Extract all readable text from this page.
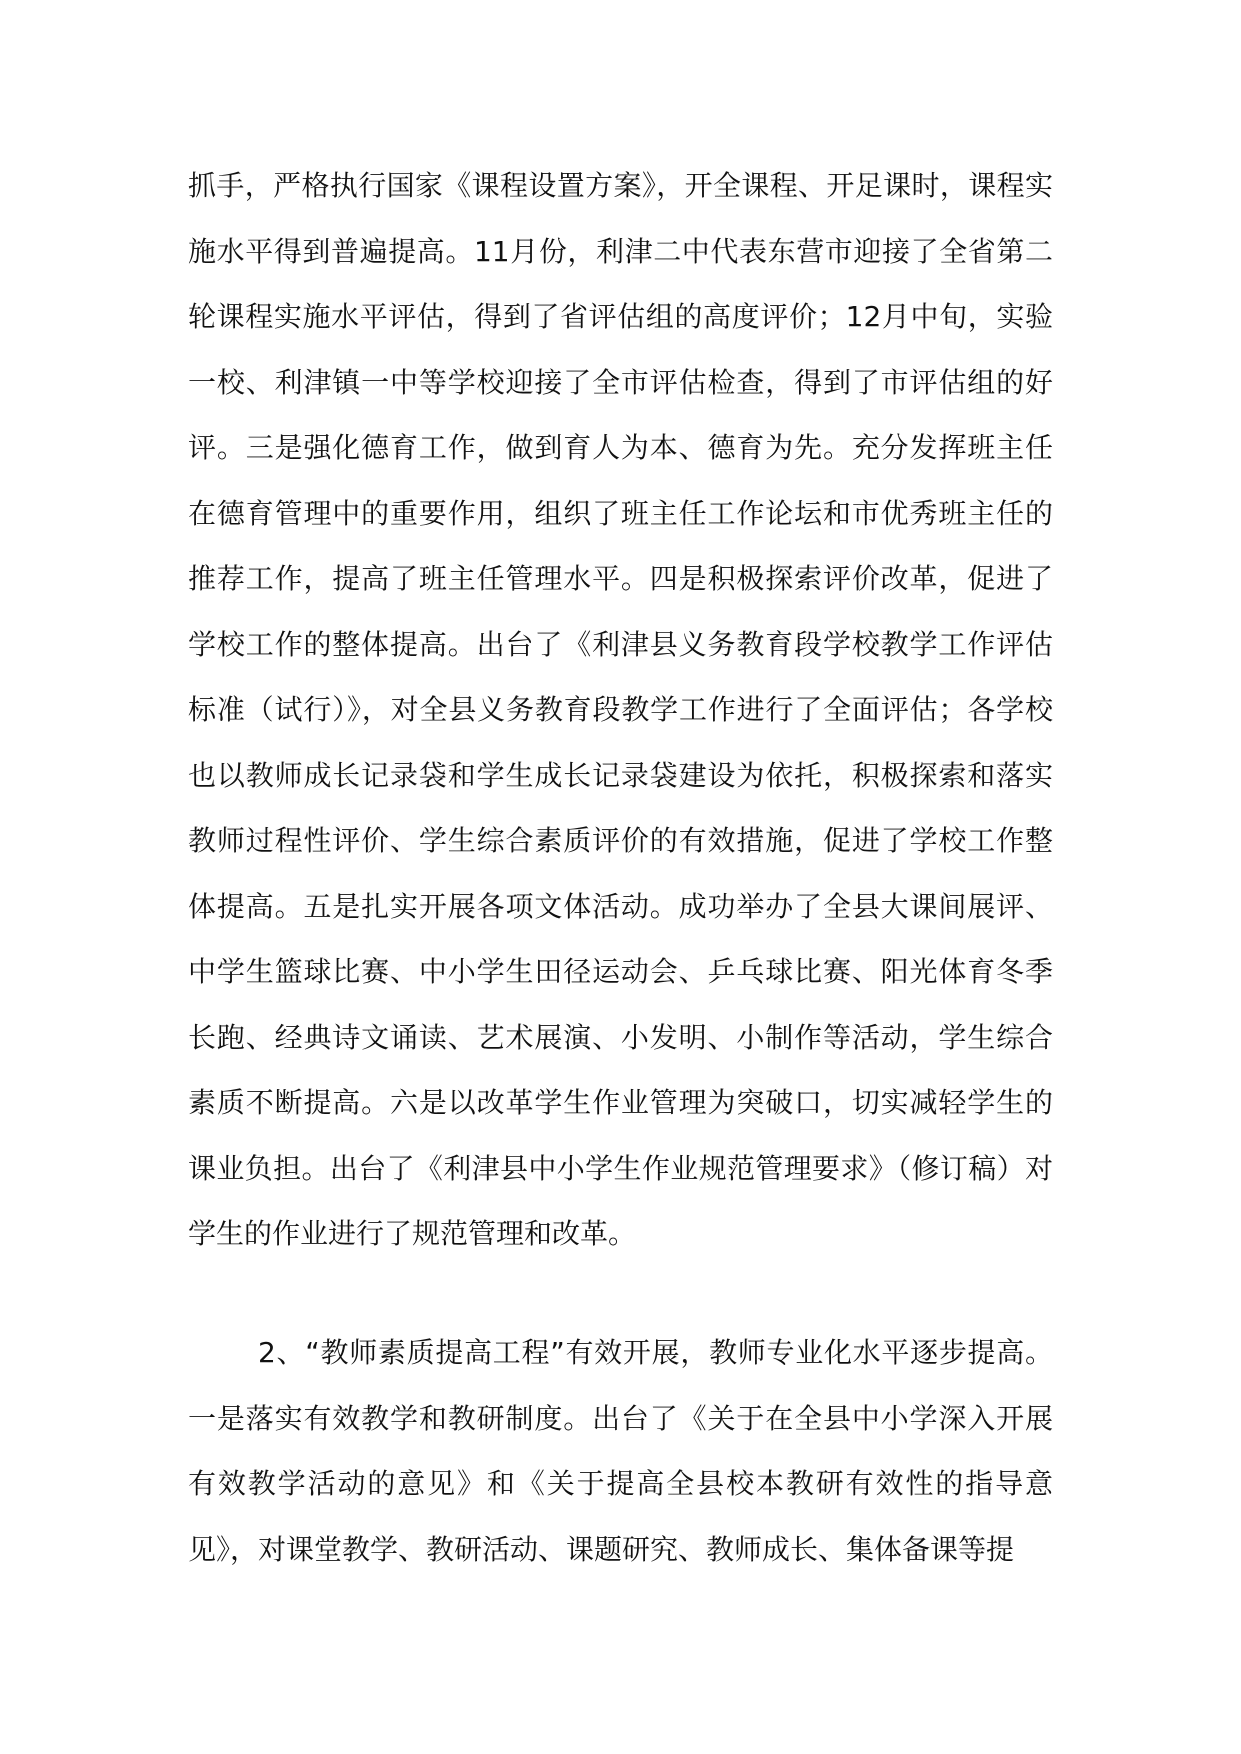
抓手，严格执行国家《课程设置方案》，开全课程、开足课时，课程实施水平得到普遍提高。11月份，利津二中代表东营市迎接了全省第二轮课程实施水平评估，得到了省评估组的高度评价；12月中旬，实验一校、利津镇一中等学校迎接了全市评估检查，得到了市评估组的好评。三是强化德育工作，做到育人为本、德育为先。充分发挥班主任在德育管理中的重要作用，组织了班主任工作论坛和市优秀班主任的推荐工作，提高了班主任管理水平。四是积极探索评价改革，促进了学校工作的整体提高。出台了《利津县义务教育段学校教学工作评估标准（试行）》，对全县义务教育段教学工作进行了全面评估；各学校也以教师成长记录袋和学生成长记录袋建设为依托，积极探索和落实教师过程性评价、学生综合素质评价的有效措施，促进了学校工作整体提高。五是扎实开展各项文体活动。成功举办了全县大课间展评、中学生篮球比赛、中小学生田径运动会、乒乓球比赛、阳光体育冬季长跑、经典诗文诵读、艺术展演、小发明、小制作等活动，学生综合素质不断提高。六是以改革学生作业管理为突破口，切实减轻学生的课业负担。出台了《利津县中小学生作业规范管理要求》（修订稿）对学生的作业进行了规范管理和改革。

2、“教师素质提高工程”有效开展，教师专业化水平逐步提高。一是落实有效教学和教研制度。出台了《关于在全县中小学深入开展有效教学活动的意见》和《关于提高全县校本教研有效性的指导意见》，对课堂教学、教研活动、课题研究、教师成长、集体备课等提
